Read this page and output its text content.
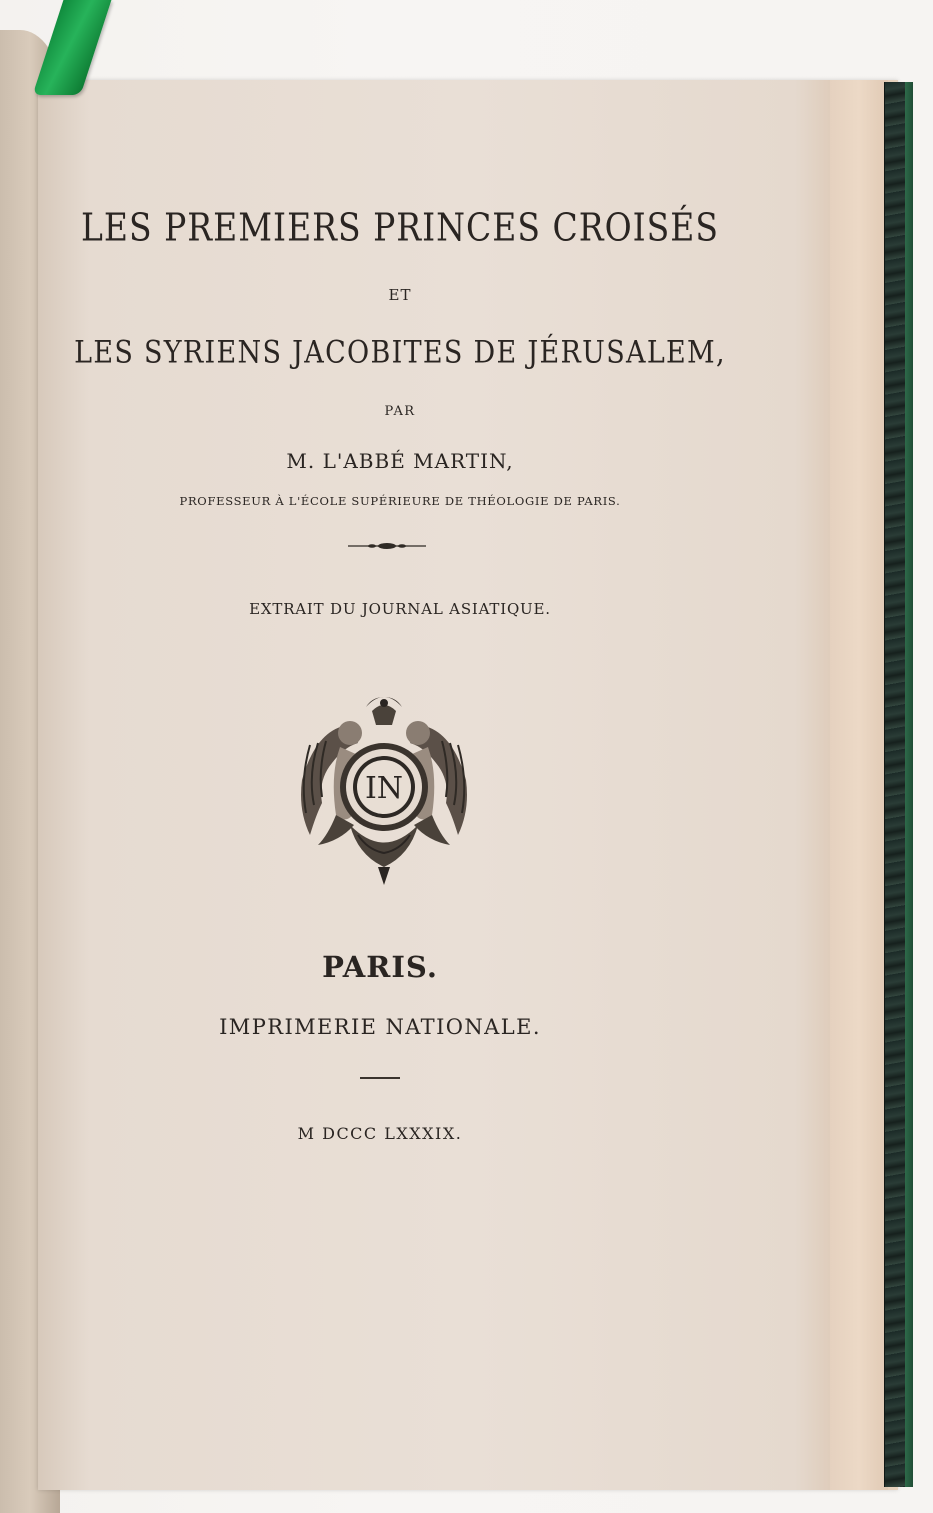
LES PREMIERS PRINCES CROISÉS
ET
LES SYRIENS JACOBITES DE JÉRUSALEM,
PAR
M. L'ABBÉ MARTIN,
PROFESSEUR À L'ÉCOLE SUPÉRIEURE DE THÉOLOGIE DE PARIS.
EXTRAIT DU JOURNAL ASIATIQUE.
IN
PARIS.
IMPRIMERIE NATIONALE.
M DCCC LXXXIX.
